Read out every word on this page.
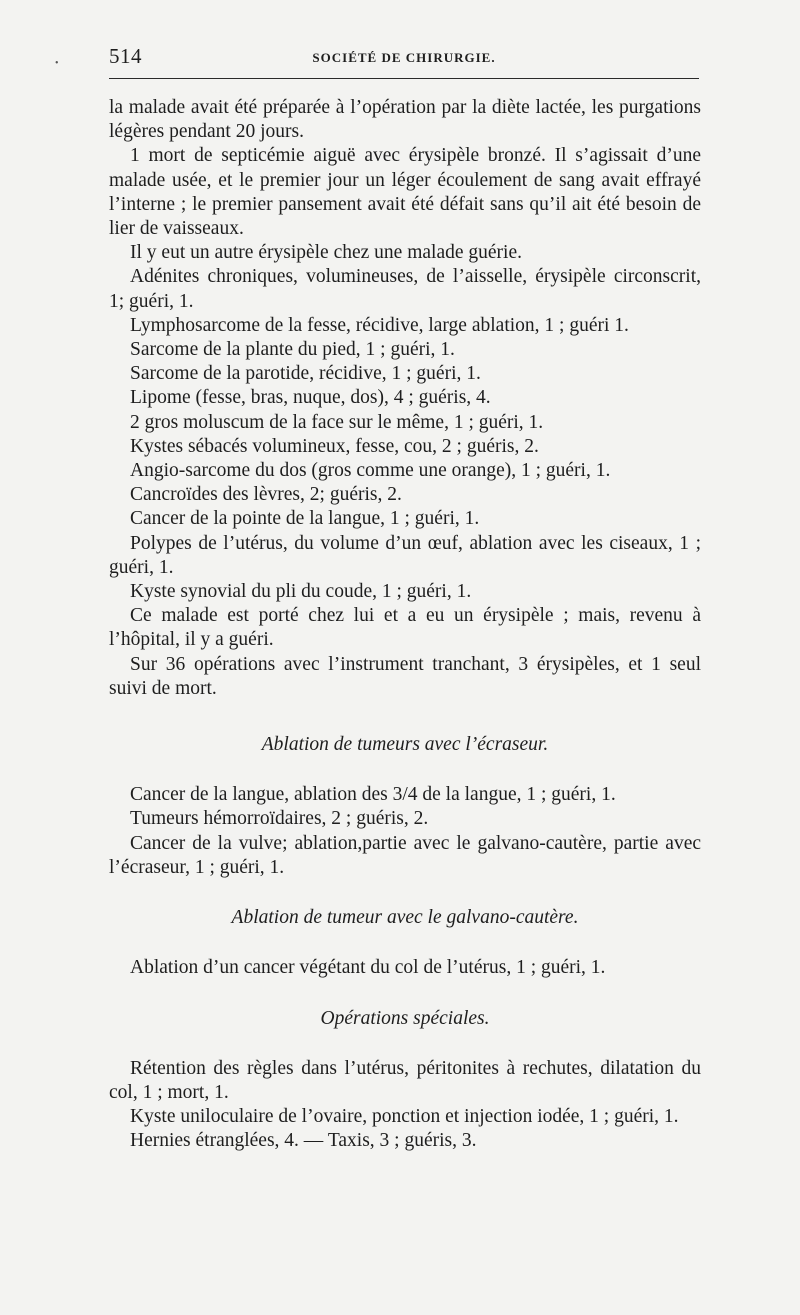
• 514	SOCIÉTÉ DE CHIRURGIE.

la malade avait été préparée à l’opération par la diète lactée, les purgations légères pendant 20 jours.

1 mort de septicémie aiguë avec érysipèle bronzé. Il s’agissait d’une malade usée, et le premier jour un léger écoulement de sang avait effrayé l’interne ; le premier pansement avait été défait sans qu’il ait été besoin de lier de vaisseaux.

Il y eut un autre érysipèle chez une malade guérie.

Adénites chroniques, volumineuses, de l’aisselle, érysipèle circonscrit, 1; guéri, 1.

Lymphosarcome de la fesse, récidive, large ablation, 1 ; guéri 1.

Sarcome de la plante du pied, 1 ; guéri, 1.

Sarcome de la parotide, récidive, 1 ; guéri, 1.

Lipome (fesse, bras, nuque, dos), 4 ; guéris, 4.

2 gros moluscum de la face sur le même, 1 ; guéri, 1.

Kystes sébacés volumineux, fesse, cou, 2 ; guéris, 2.

Angio-sarcome du dos (gros comme une orange), 1 ; guéri, 1.

Cancroïdes des lèvres, 2; guéris, 2.

Cancer de la pointe de la langue, 1 ; guéri, 1.

Polypes de l’utérus, du volume d’un œuf, ablation avec les ciseaux, 1 ; guéri, 1.

Kyste synovial du pli du coude, 1 ; guéri, 1.

Ce malade est porté chez lui et a eu un érysipèle ; mais, revenu à l’hôpital, il y a guéri.

Sur 36 opérations avec l’instrument tranchant, 3 érysipèles, et 1 seul suivi de mort.

Ablation de tumeurs avec l’écraseur.

Cancer de la langue, ablation des 3/4 de la langue, 1 ; guéri, 1.

Tumeurs hémorroïdaires, 2 ; guéris, 2.

Cancer de la vulve; ablation,partie avec le galvano-cautère, partie avec l’écraseur, 1 ; guéri, 1.

Ablation de tumeur avec le galvano-cautère.

Ablation d’un cancer végétant du col de l’utérus, 1 ; guéri, 1.

Opérations spéciales.

Rétention des règles dans l’utérus, péritonites à rechutes, dilatation du col, 1 ; mort, 1.

Kyste uniloculaire de l’ovaire, ponction et injection iodée, 1 ; guéri, 1.

Hernies étranglées, 4. — Taxis, 3 ; guéris, 3.
